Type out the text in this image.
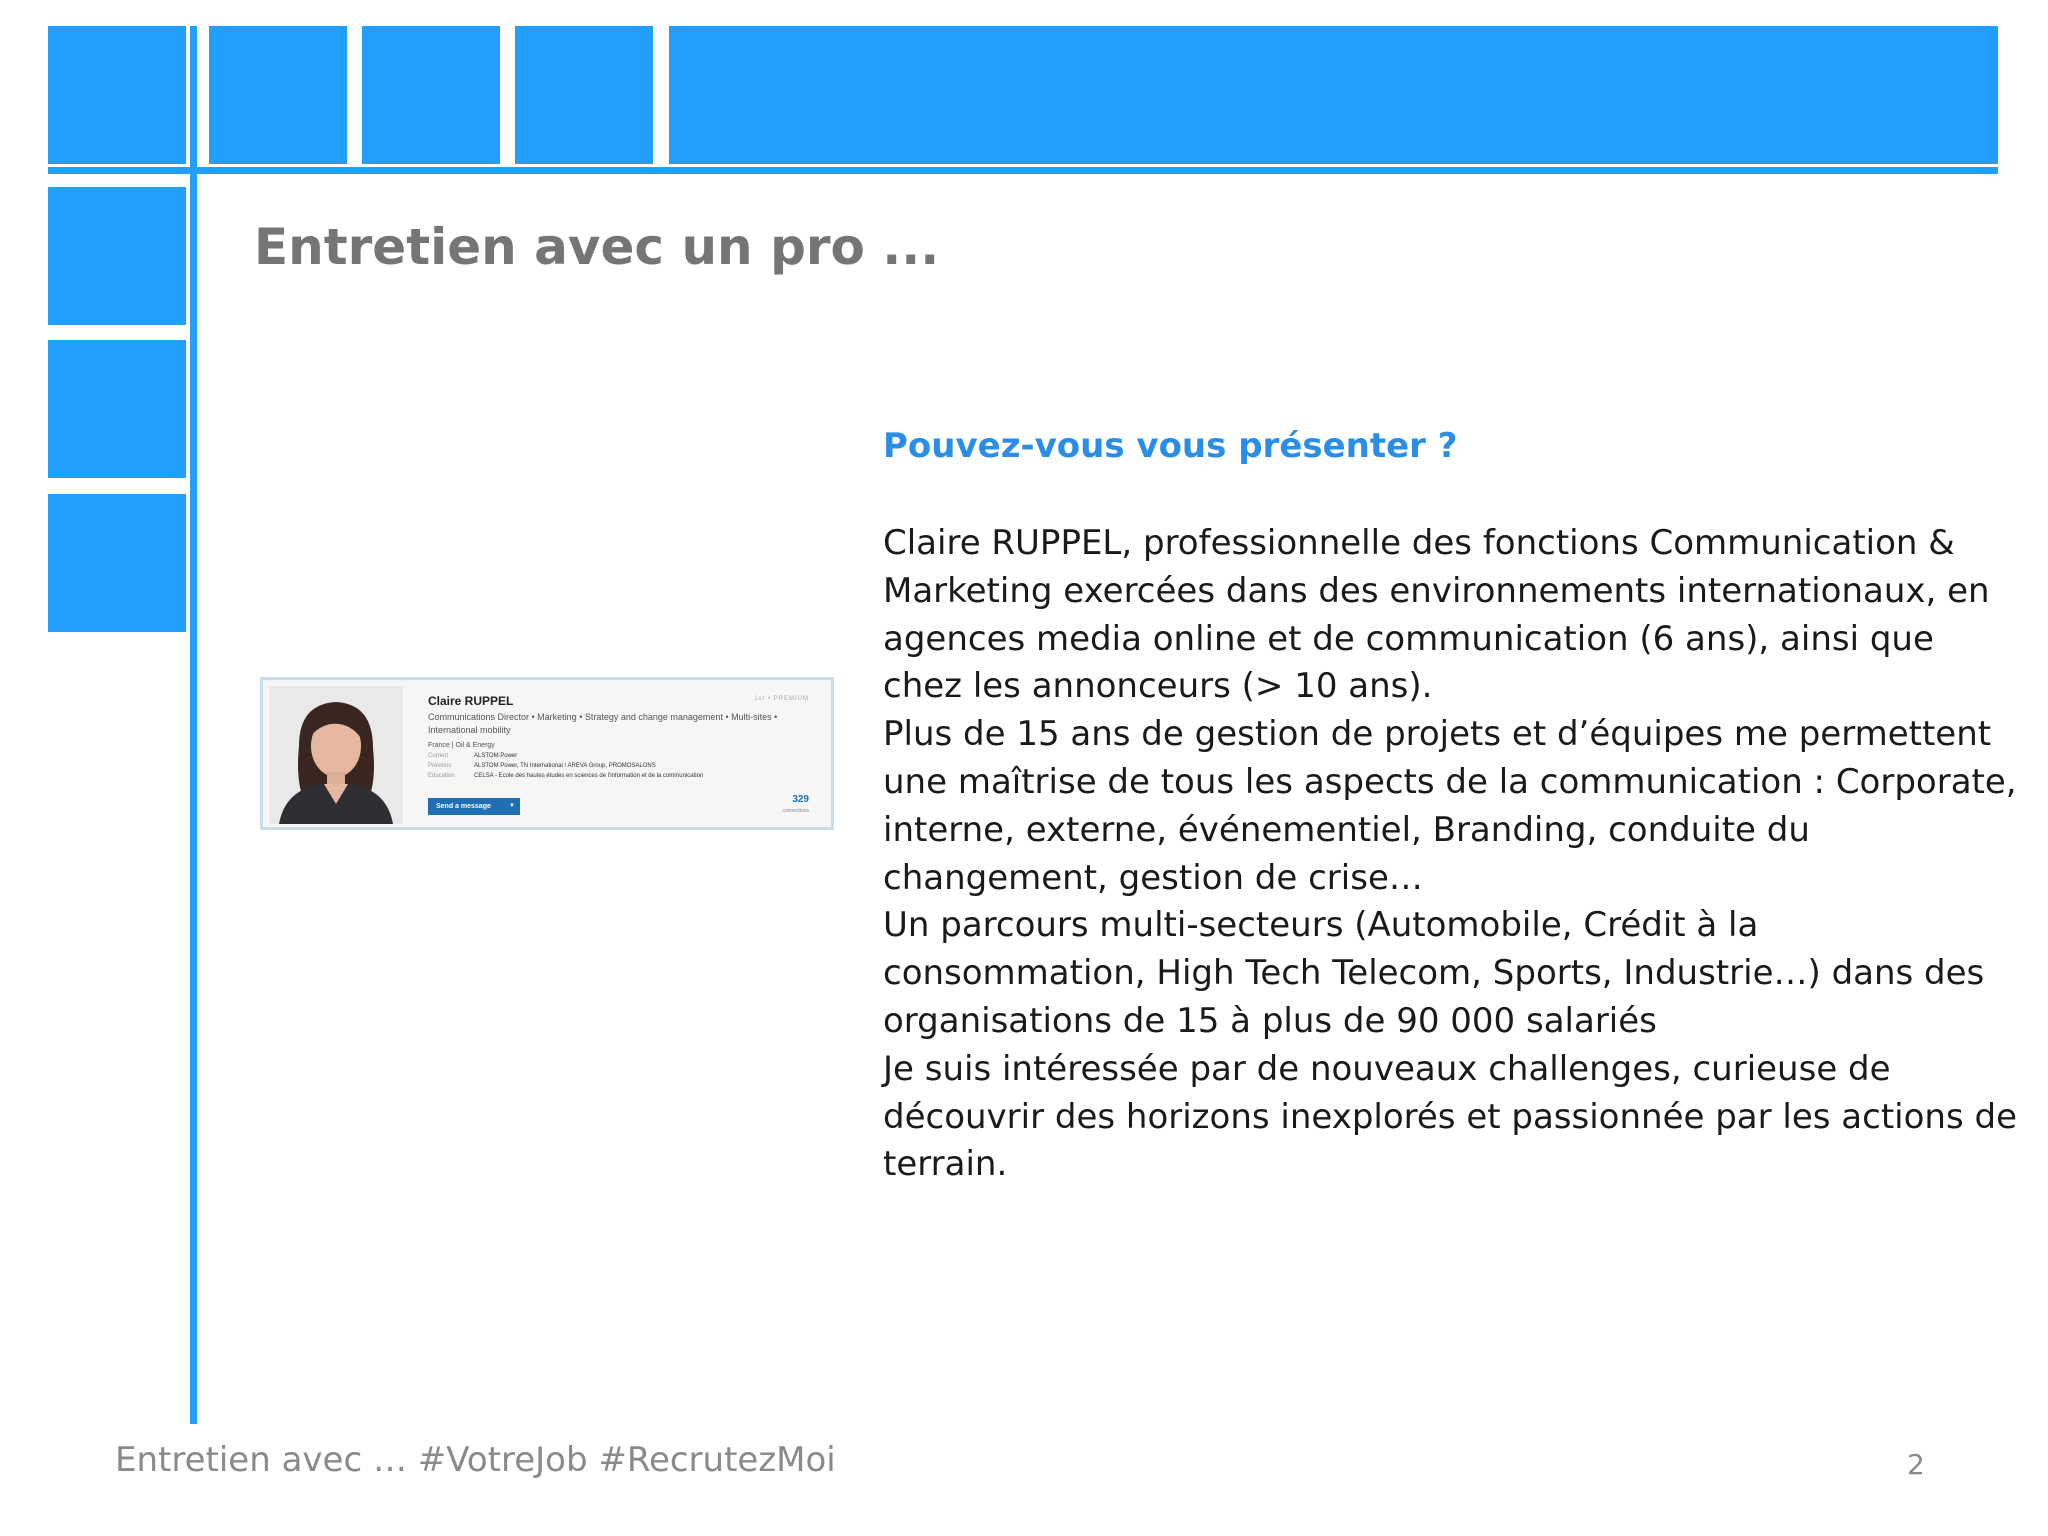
Entretien avec un pro ...
1st • PREMIUM
Claire RUPPEL
Communications Director • Marketing • Strategy and change management • Multi-sites • International mobility
France | Oil & Energy
Current	ALSTOM Power
Previous	ALSTOM Power, TN International / AREVA Group, PROMOSALONS
Education	CELSA - Ecole des hautes études en sciences de l'information et de la communication
Send a message	▼
329
connections
Pouvez-vous vous présenter ?

Claire RUPPEL, professionnelle des fonctions Communication & Marketing exercées dans des environnements internationaux, en agences media online et de communication (6 ans), ainsi que chez les annonceurs (> 10 ans).

Plus de 15 ans de gestion de projets et d’équipes me permettent une maîtrise de tous les aspects de la communication : Corporate, interne, externe, événementiel, Branding, conduite du changement, gestion de crise…

Un parcours multi-secteurs (Automobile, Crédit à la consommation, High Tech Telecom, Sports, Industrie…) dans des organisations de 15 à plus de 90 000 salariés

Je suis intéressée par de nouveaux challenges, curieuse de découvrir des horizons inexplorés et passionnée par les actions de terrain.

Entretien avec … #VotreJob #RecrutezMoi	2
